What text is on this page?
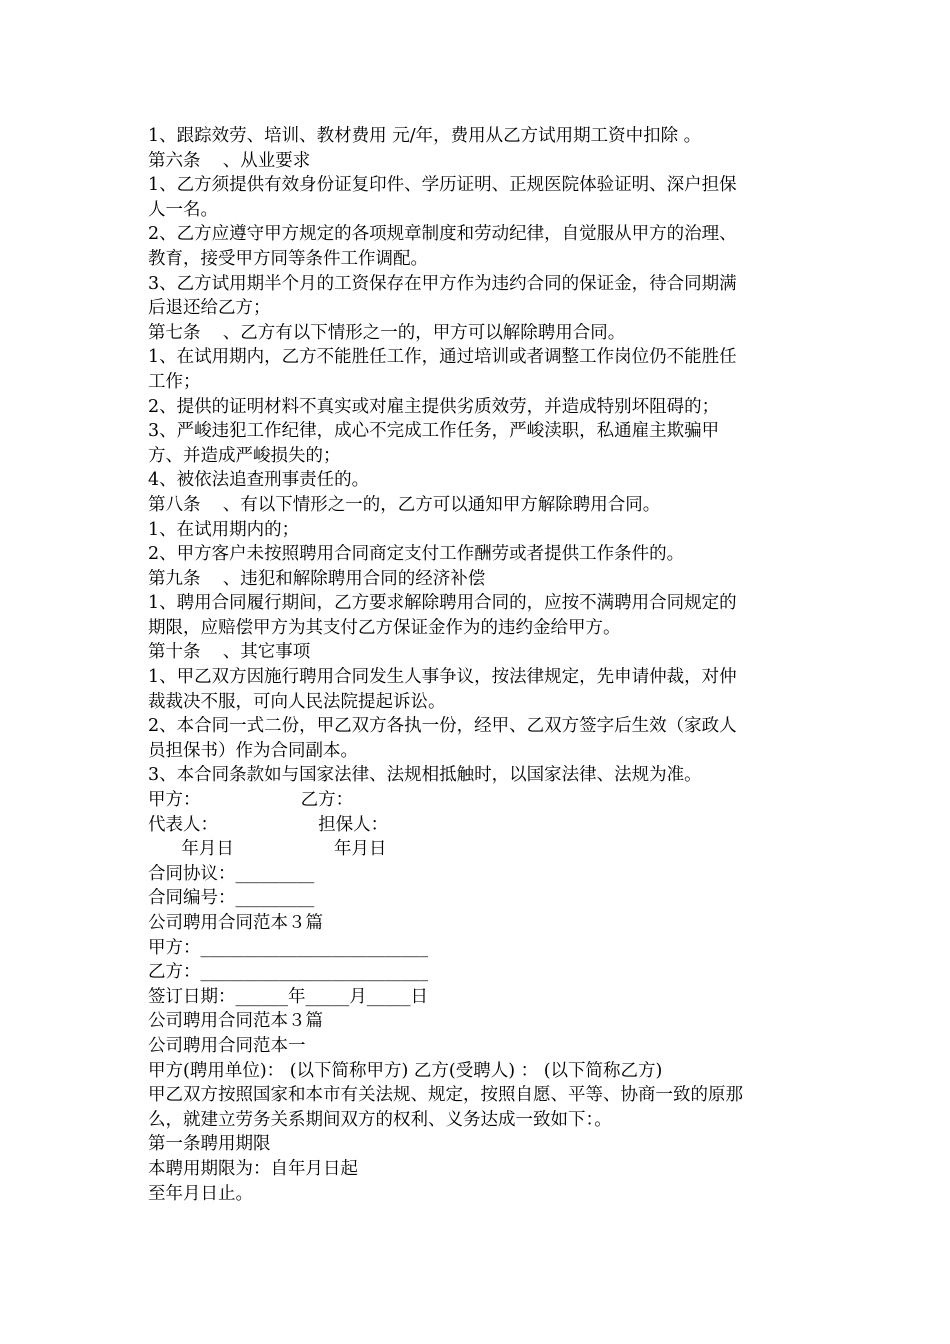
1、跟踪效劳、培训、教材费用 元/年，费用从乙方试用期工资中扣除 。
第六条    、从业要求
1、乙方须提供有效身份证复印件、学历证明、正规医院体验证明、深户担保
人一名。
2、乙方应遵守甲方规定的各项规章制度和劳动纪律，自觉服从甲方的治理、
教育，接受甲方同等条件工作调配。
3、乙方试用期半个月的工资保存在甲方作为违约合同的保证金，待合同期满
后退还给乙方；
第七条    、乙方有以下情形之一的，甲方可以解除聘用合同。
1、在试用期内，乙方不能胜任工作，通过培训或者调整工作岗位仍不能胜任
工作；
2、提供的证明材料不真实或对雇主提供劣质效劳，并造成特别坏阻碍的；
3、严峻违犯工作纪律，成心不完成工作任务，严峻渎职，私通雇主欺骗甲
方、并造成严峻损失的；
4、被依法追查刑事责任的。
第八条    、有以下情形之一的，乙方可以通知甲方解除聘用合同。
1、在试用期内的；
2、甲方客户未按照聘用合同商定支付工作酬劳或者提供工作条件的。
第九条    、违犯和解除聘用合同的经济补偿
1、聘用合同履行期间，乙方要求解除聘用合同的，应按不满聘用合同规定的
期限，应赔偿甲方为其支付乙方保证金作为的违约金给甲方。
第十条    、其它事项
1、甲乙双方因施行聘用合同发生人事争议，按法律规定，先申请仲裁，对仲
裁裁决不服，可向人民法院提起诉讼。
2、本合同一式二份，甲乙双方各执一份，经甲、乙双方签字后生效（家政人
员担保书）作为合同副本。
3、本合同条款如与国家法律、法规相抵触时，以国家法律、法规为准。
甲方：                  乙方：
代表人：                  担保人：
年月日                  年月日
合同协议：_________
合同编号：_________
公司聘用合同范本３篇
甲方：__________________________
乙方：__________________________
签订日期：______年_____月_____日
公司聘用合同范本３篇
公司聘用合同范本一
甲方(聘用单位)： (以下简称甲方) 乙方(受聘人) ： (以下简称乙方)
甲乙双方按照国家和本市有关法规、规定，按照自愿、平等、协商一致的原那
么，就建立劳务关系期间双方的权利、义务达成一致如下：。
第一条聘用期限
本聘用期限为：自年月日起
至年月日止。
